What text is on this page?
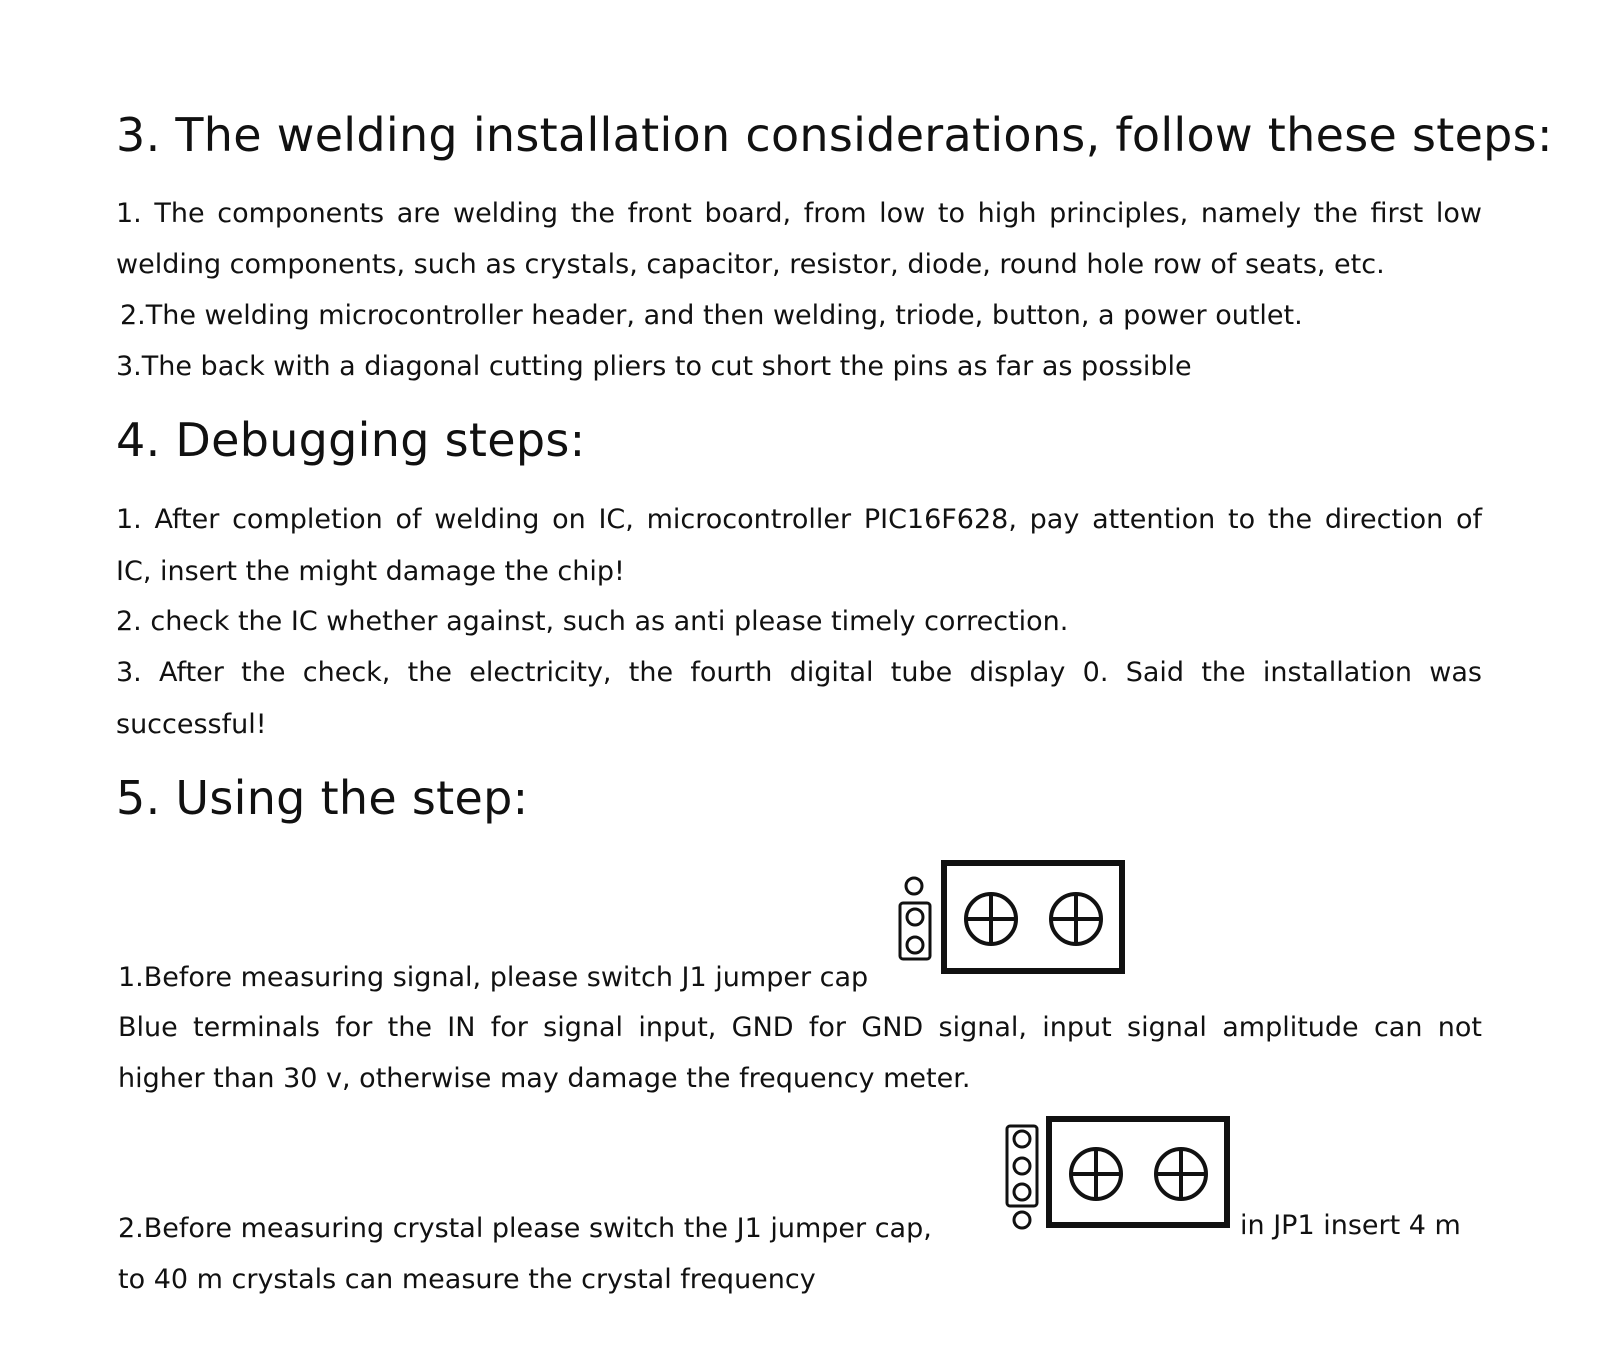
3. The welding installation considerations, follow these steps:

1. The components are welding the front board, from low to high principles, namely the first low

welding components, such as crystals, capacitor, resistor, diode, round hole row of seats, etc.

2.The welding microcontroller header, and then welding, triode, button, a power outlet.

3.The back with a diagonal cutting pliers to cut short the pins as far as possible

4. Debugging steps:

1. After completion of welding on IC, microcontroller PIC16F628, pay attention to the direction of

IC, insert the might damage the chip!

2. check the IC whether against, such as anti please timely correction.

3. After the check, the electricity, the fourth digital tube display 0. Said the installation was

successful!

5. Using the step:

1.Before measuring signal, please switch J1 jumper cap

Blue terminals for the IN for signal input, GND for GND signal, input signal amplitude can not

higher than 30 v, otherwise may damage the frequency meter.

2.Before measuring crystal please switch the J1 jumper cap,	in JP1 insert 4 m

to 40 m crystals can measure the crystal frequency
